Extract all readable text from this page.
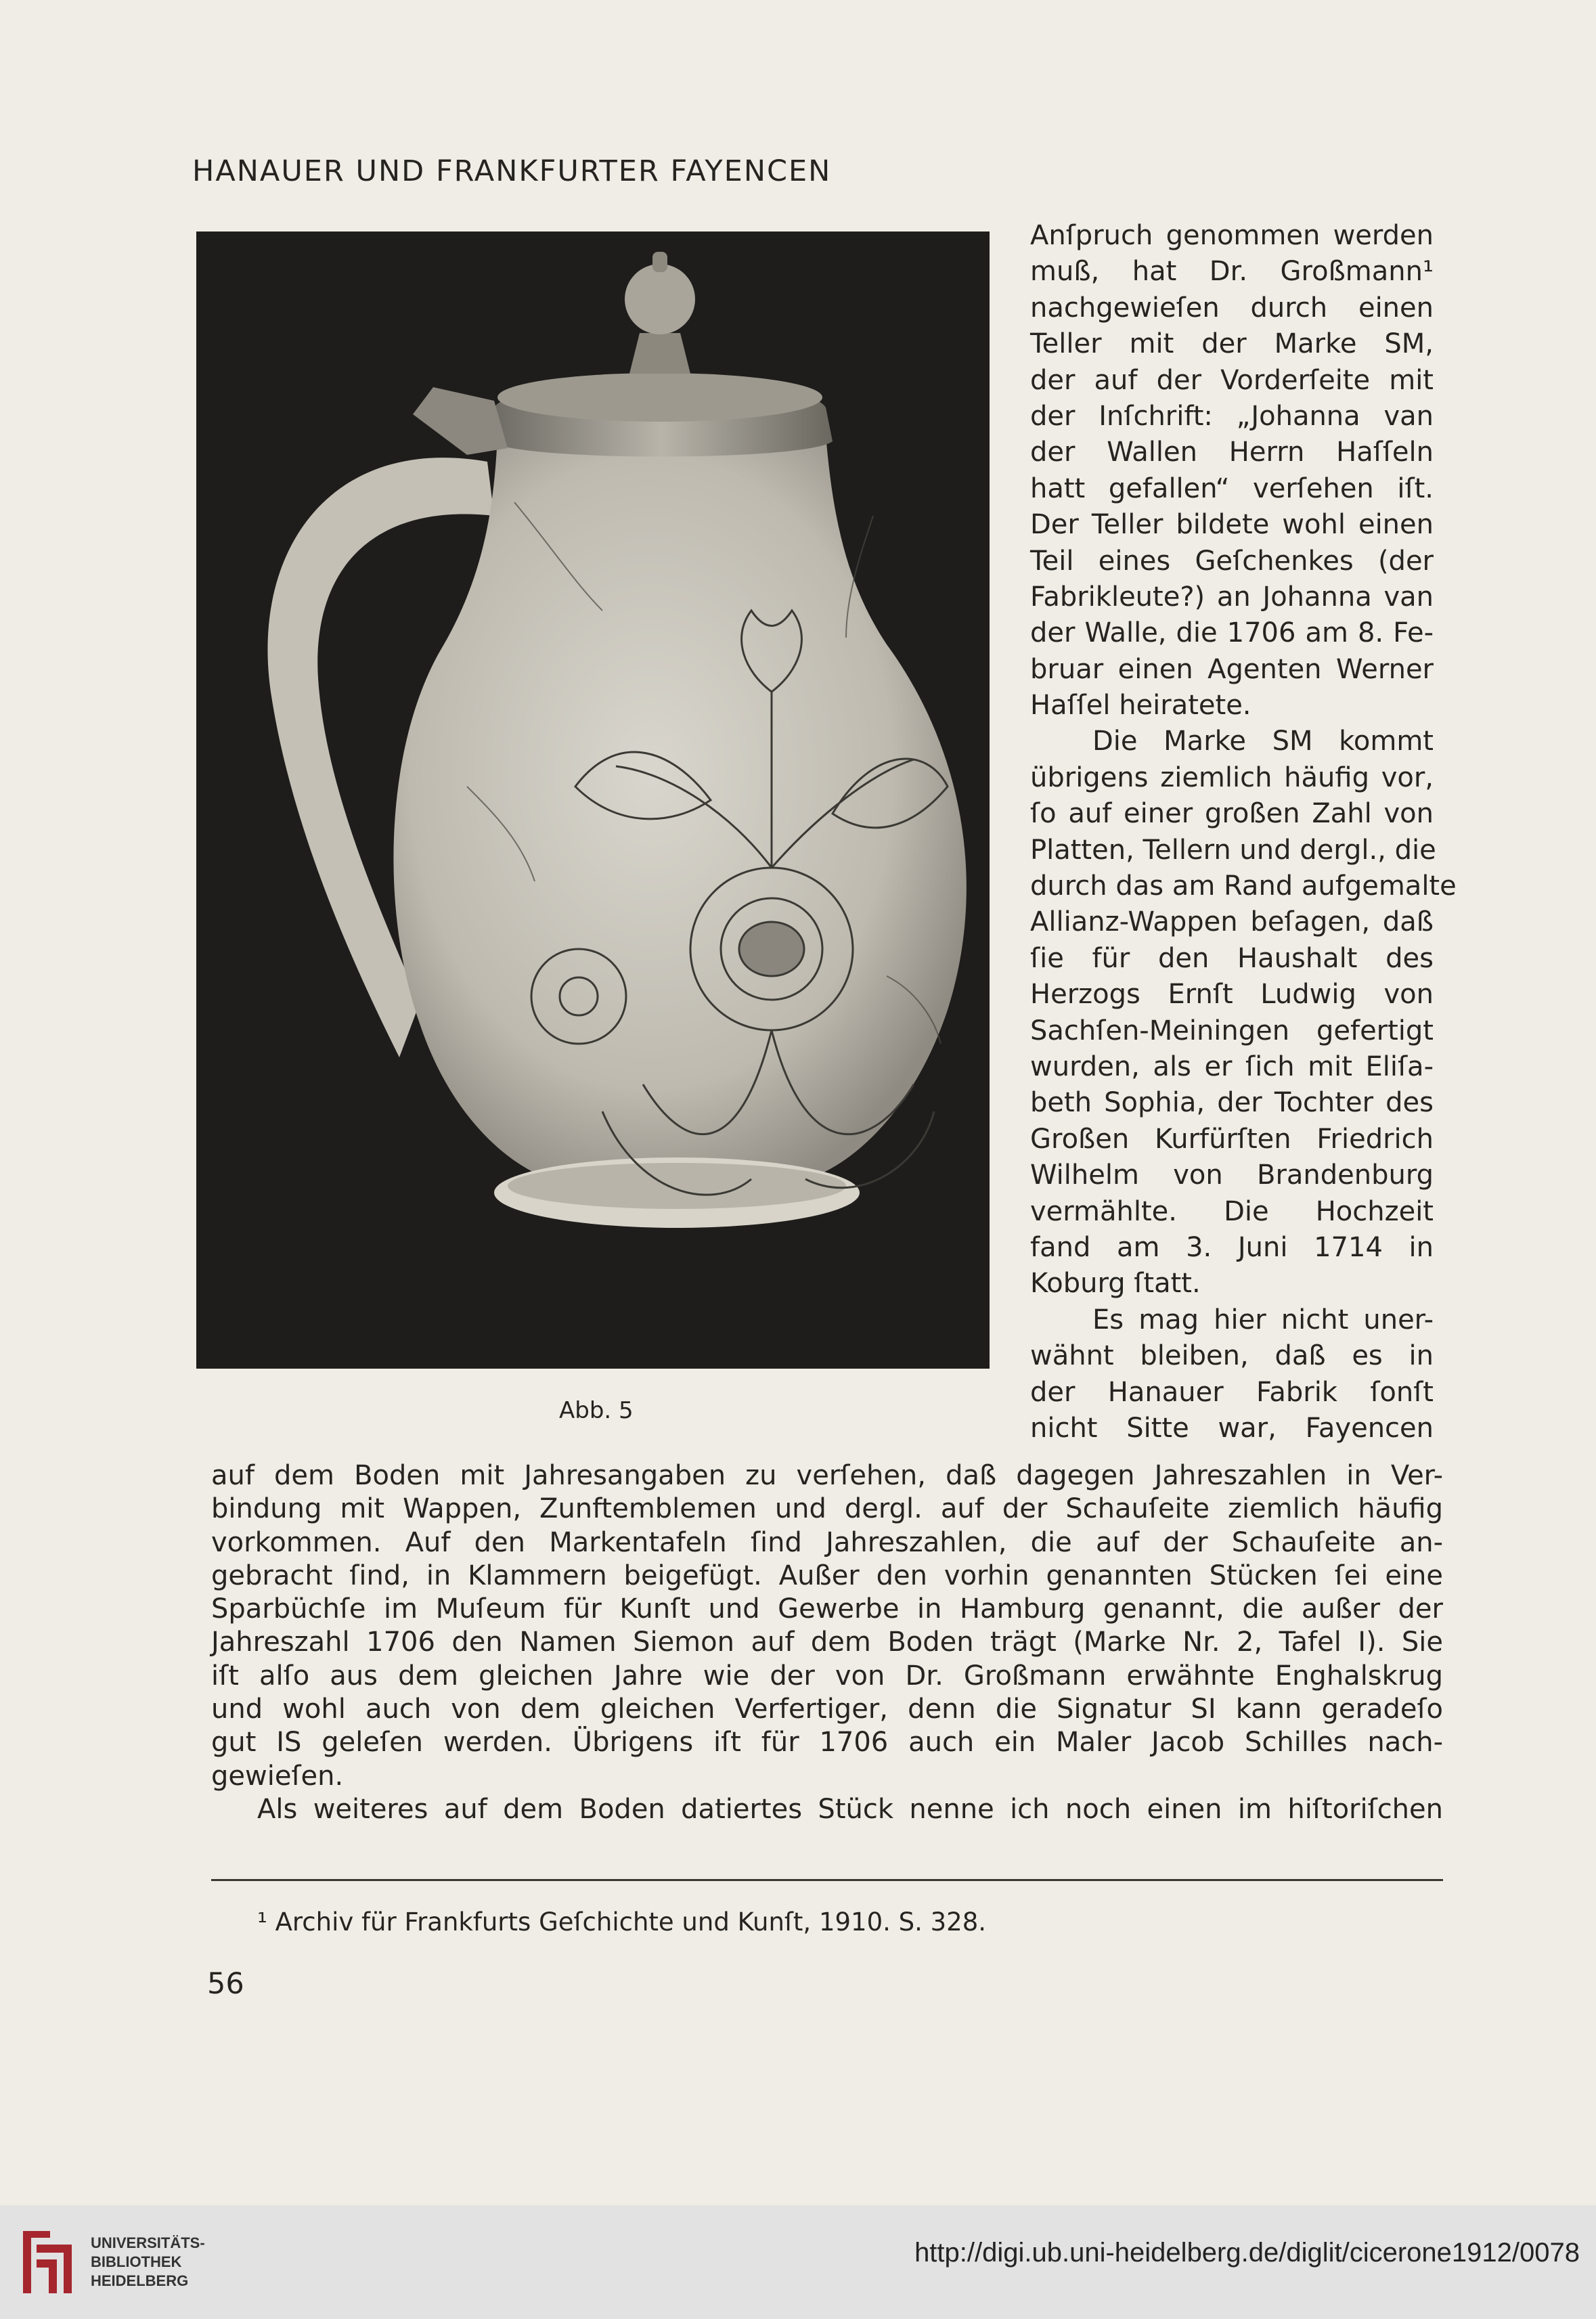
HANAUER UND FRANKFURTER FAYENCEN
Abb. 5
Anſpruch genommen werden
muß, hat Dr. Großmann¹
nachgewieſen durch einen
Teller mit der Marke SM,
der auf der Vorderſeite mit
der Inſchrift: „Johanna van
der Wallen Herrn Haſſeln
hatt gefallen“ verſehen iſt.
Der Teller bildete wohl einen
Teil eines Geſchenkes (der
Fabrikleute?) an Johanna van
der Walle, die 1706 am 8. Fe-
bruar einen Agenten Werner
Haſſel heiratete.
Die Marke SM kommt
übrigens ziemlich häufig vor,
ſo auf einer großen Zahl von
Platten, Tellern und dergl., die
durch das am Rand aufgemalte
Allianz-Wappen beſagen, daß
ſie für den Haushalt des
Herzogs Ernſt Ludwig von
Sachſen-Meiningen gefertigt
wurden, als er ſich mit Eliſa-
beth Sophia, der Tochter des
Großen Kurfürſten Friedrich
Wilhelm von Brandenburg
vermählte. Die Hochzeit
fand am 3. Juni 1714 in
Koburg ſtatt.
Es mag hier nicht uner-
wähnt bleiben, daß es in
der Hanauer Fabrik ſonſt
nicht Sitte war, Fayencen
auf dem Boden mit Jahresangaben zu verſehen, daß dagegen Jahreszahlen in Ver-
bindung mit Wappen, Zunftemblemen und dergl. auf der Schauſeite ziemlich häufig
vorkommen. Auf den Markentafeln ſind Jahreszahlen, die auf der Schauſeite an-
gebracht ſind, in Klammern beigefügt. Außer den vorhin genannten Stücken ſei eine
Sparbüchſe im Muſeum für Kunſt und Gewerbe in Hamburg genannt, die außer der
Jahreszahl 1706 den Namen Siemon auf dem Boden trägt (Marke Nr. 2, Tafel I). Sie
iſt alſo aus dem gleichen Jahre wie der von Dr. Großmann erwähnte Enghalskrug
und wohl auch von dem gleichen Verfertiger, denn die Signatur SI kann geradeſo
gut IS geleſen werden. Übrigens iſt für 1706 auch ein Maler Jacob Schilles nach-
gewieſen.
Als weiteres auf dem Boden datiertes Stück nenne ich noch einen im hiſtoriſchen
¹ Archiv für Frankfurts Geſchichte und Kunſt, 1910. S. 328.
56
UNIVERSITÄTS-
BIBLIOTHEK
HEIDELBERG
http://digi.ub.uni-heidelberg.de/diglit/cicerone1912/0078
